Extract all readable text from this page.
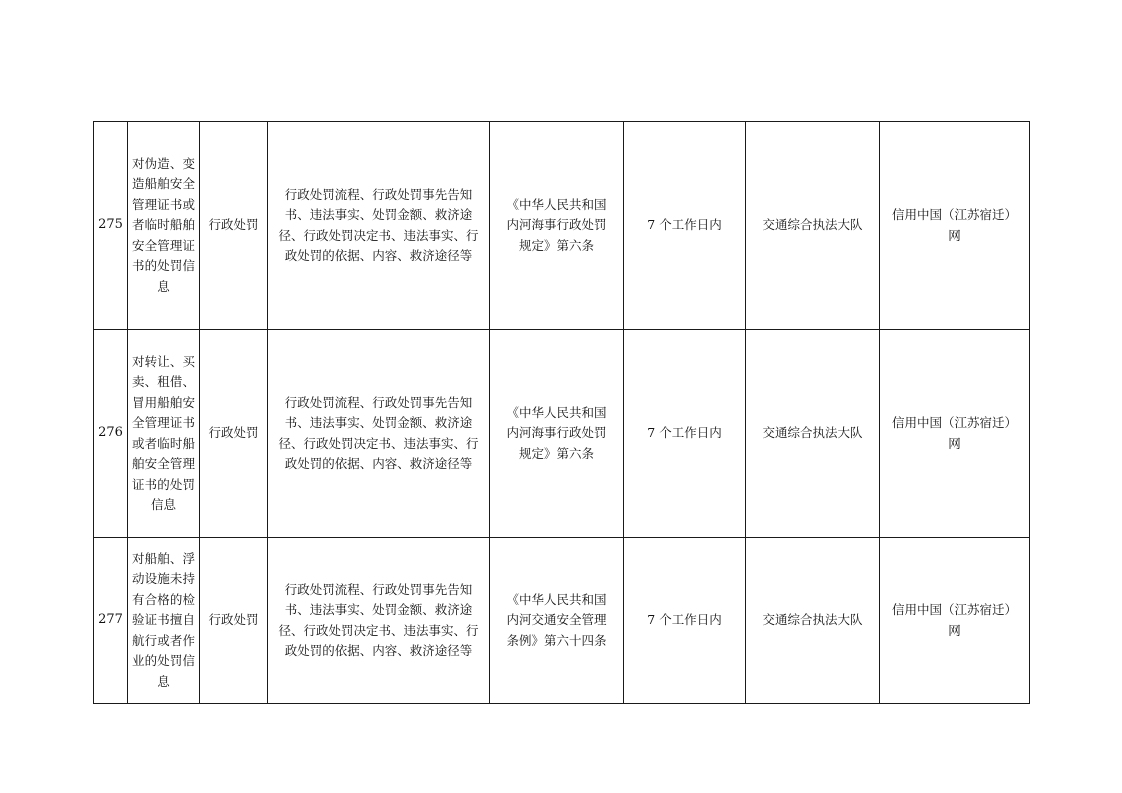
275	对伪造、变造船舶安全管理证书或者临时船舶安全管理证书的处罚信息	行政处罚	行政处罚流程、行政处罚事先告知书、违法事实、处罚金额、救济途径、行政处罚决定书、违法事实、行政处罚的依据、内容、救济途径等	《中华人民共和国内河海事行政处罚规定》第六条	7 个工作日内	交通综合执法大队	信用中国（江苏宿迁）网
276	对转让、买卖、租借、冒用船舶安全管理证书或者临时船舶安全管理证书的处罚信息	行政处罚	行政处罚流程、行政处罚事先告知书、违法事实、处罚金额、救济途径、行政处罚决定书、违法事实、行政处罚的依据、内容、救济途径等	《中华人民共和国内河海事行政处罚规定》第六条	7 个工作日内	交通综合执法大队	信用中国（江苏宿迁）网
277	对船舶、浮动设施未持有合格的检验证书擅自航行或者作业的处罚信息	行政处罚	行政处罚流程、行政处罚事先告知书、违法事实、处罚金额、救济途径、行政处罚决定书、违法事实、行政处罚的依据、内容、救济途径等	《中华人民共和国内河交通安全管理条例》第六十四条	7 个工作日内	交通综合执法大队	信用中国（江苏宿迁）网
